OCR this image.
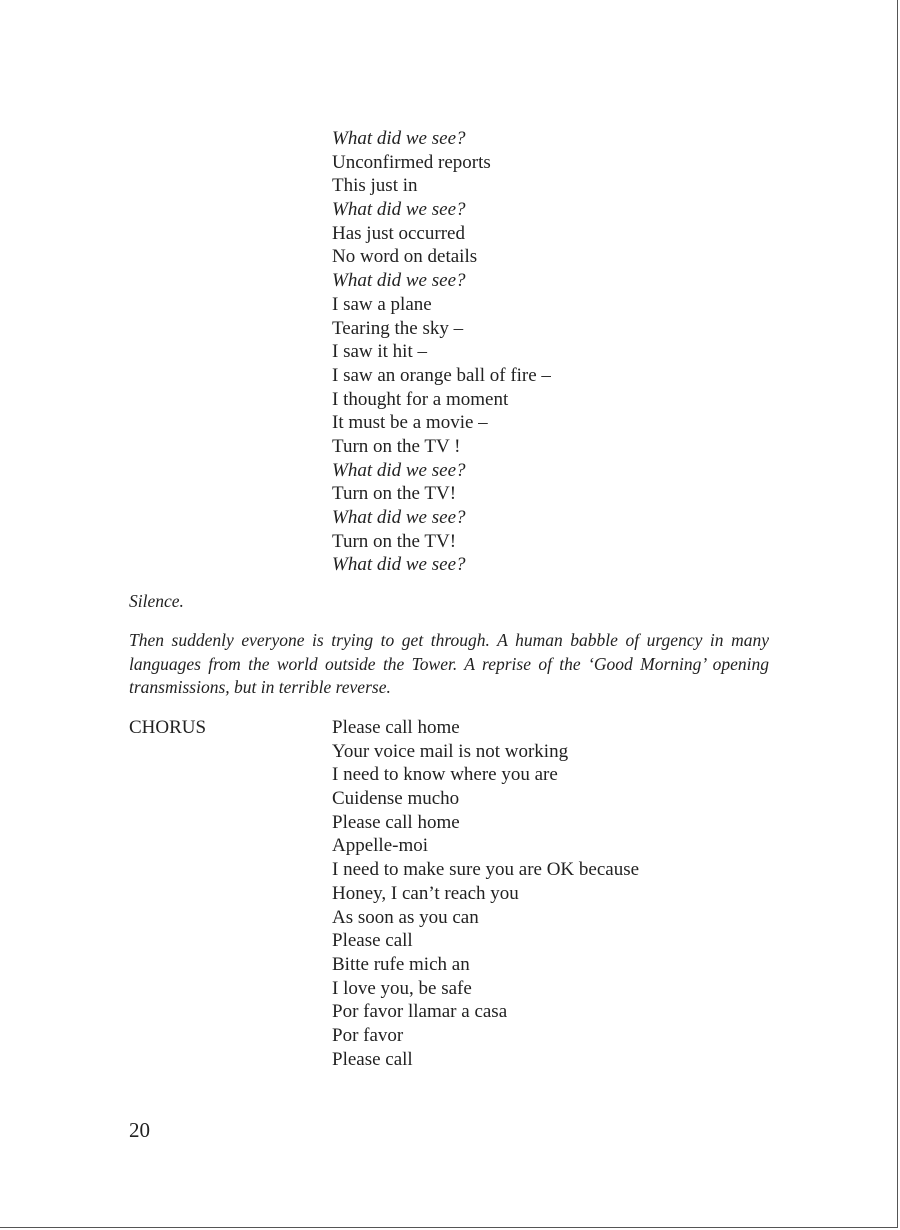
What did we see?
Unconfirmed reports
This just in
What did we see?
Has just occurred
No word on details
What did we see?
I saw a plane
Tearing the sky –
I saw it hit –
I saw an orange ball of fire –
I thought for a moment
It must be a movie –
Turn on the TV !
What did we see?
Turn on the TV!
What did we see?
Turn on the TV!
What did we see?

Silence.

Then suddenly everyone is trying to get through. A human babble of urgency in many languages from the world outside the Tower. A reprise of the ‘Good Morning’ opening transmissions, but in terrible reverse.

CHORUS	Please call home
Your voice mail is not working
I need to know where you are
Cuidense mucho
Please call home
Appelle-moi
I need to make sure you are OK because
Honey, I can’t reach you
As soon as you can
Please call
Bitte rufe mich an
I love you, be safe
Por favor llamar a casa
Por favor
Please call
20
